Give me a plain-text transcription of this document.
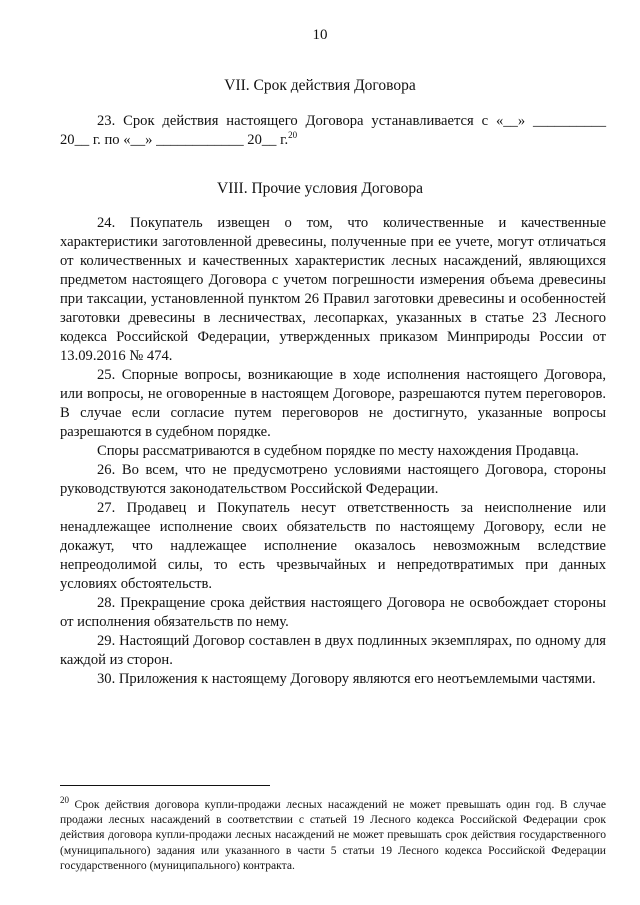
10
VII. Срок действия Договора

23. Срок действия настоящего Договора устанавливается с «__» __________

20__ г. по «__» ____________ 20__ г.$^{20}$

VIII. Прочие условия Договора

24. Покупатель извещен о том, что количественные и качественные характеристики заготовленной древесины, полученные при ее учете, могут отличаться от количественных и качественных характеристик лесных насаждений, являющихся предметом настоящего Договора с учетом погрешности измерения объема древесины при таксации, установленной пунктом 26 Правил заготовки древесины и особенностей заготовки древесины в лесничествах, лесопарках, указанных в статье 23 Лесного кодекса Российской Федерации, утвержденных приказом Минприроды России от 13.09.2016 № 474.

25. Спорные вопросы, возникающие в ходе исполнения настоящего Договора, или вопросы, не оговоренные в настоящем Договоре, разрешаются путем переговоров. В случае если согласие путем переговоров не достигнуто, указанные вопросы разрешаются в судебном порядке.

Споры рассматриваются в судебном порядке по месту нахождения Продавца.

26. Во всем, что не предусмотрено условиями настоящего Договора, стороны руководствуются законодательством Российской Федерации.

27. Продавец и Покупатель несут ответственность за неисполнение или ненадлежащее исполнение своих обязательств по настоящему Договору, если не докажут, что надлежащее исполнение оказалось невозможным вследствие непреодолимой силы, то есть чрезвычайных и непредотвратимых при данных условиях обстоятельств.

28. Прекращение срока действия настоящего Договора не освобождает стороны от исполнения обязательств по нему.

29. Настоящий Договор составлен в двух подлинных экземплярах, по одному для каждой из сторон.

30. Приложения к настоящему Договору являются его неотъемлемыми частями.

$^{20}$ Срок действия договора купли-продажи лесных насаждений не может превышать один год. В случае продажи лесных насаждений в соответствии с статьей 19 Лесного кодекса Российской Федерации срок действия договора купли-продажи лесных насаждений не может превышать срок действия государственного (муниципального) задания или указанного в части 5 статьи 19 Лесного кодекса Российской Федерации государственного (муниципального) контракта.
